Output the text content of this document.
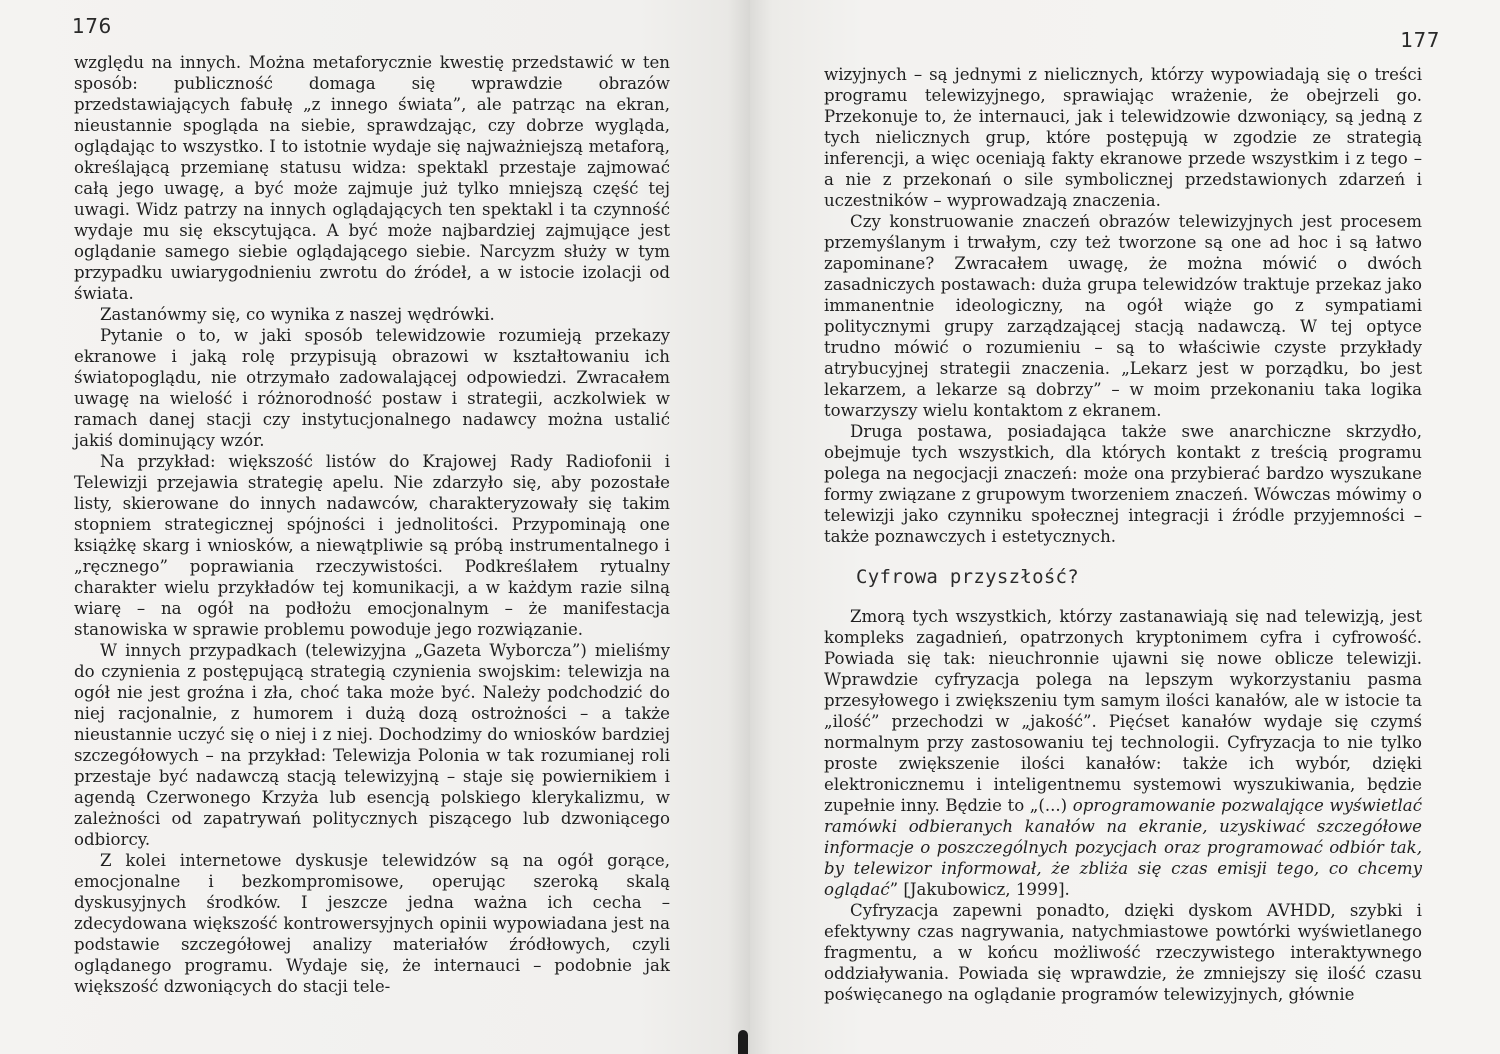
176

względu na innych. Można metaforycznie kwestię przedstawić w ten sposób: publiczność domaga się wprawdzie obrazów przedstawiających fabułę „z innego świata”, ale patrząc na ekran, nieustannie spogląda na siebie, sprawdzając, czy dobrze wygląda, oglądając to wszystko. I to istotnie wydaje się najważniejszą metaforą, określającą przemianę statusu widza: spektakl przestaje zajmować całą jego uwagę, a być może zajmuje już tylko mniejszą część tej uwagi. Widz patrzy na innych oglądających ten spektakl i ta czynność wydaje mu się ekscytująca. A być może najbardziej zajmujące jest oglądanie samego siebie oglądającego siebie. Narcyzm służy w tym przypadku uwiarygodnieniu zwrotu do źródeł, a w istocie izolacji od świata.

Zastanówmy się, co wynika z naszej wędrówki.

Pytanie o to, w jaki sposób telewidzowie rozumieją przekazy ekranowe i jaką rolę przypisują obrazowi w kształtowaniu ich światopoglądu, nie otrzymało zadowalającej odpowiedzi. Zwracałem uwagę na wielość i różnorodność postaw i strategii, aczkolwiek w ramach danej stacji czy instytucjonalnego nadawcy można ustalić jakiś dominujący wzór.

Na przykład: większość listów do Krajowej Rady Radiofonii i Telewizji przejawia strategię apelu. Nie zdarzyło się, aby pozostałe listy, skierowane do innych nadawców, charakteryzowały się takim stopniem strategicznej spójności i jednolitości. Przypominają one książkę skarg i wniosków, a niewątpliwie są próbą instrumentalnego i „ręcznego” poprawiania rzeczywistości. Podkreślałem rytualny charakter wielu przykładów tej komunikacji, a w każdym razie silną wiarę – na ogół na podłożu emocjonalnym – że manifestacja stanowiska w sprawie problemu powoduje jego rozwiązanie.

W innych przypadkach (telewizyjna „Gazeta Wyborcza”) mieliśmy do czynienia z postępującą strategią czynienia swojskim: telewizja na ogół nie jest groźna i zła, choć taka może być. Należy podchodzić do niej racjonalnie, z humorem i dużą dozą ostrożności – a także nieustannie uczyć się o niej i z niej. Dochodzimy do wniosków bardziej szczegółowych – na przykład: Telewizja Polonia w tak rozumianej roli przestaje być nadawczą stacją telewizyjną – staje się powiernikiem i agendą Czerwonego Krzyża lub esencją polskiego klerykalizmu, w zależności od zapatrywań politycznych piszącego lub dzwoniącego odbiorcy.

Z kolei internetowe dyskusje telewidzów są na ogół gorące, emocjonalne i bezkompromisowe, operując szeroką skalą dyskusyjnych środków. I jeszcze jedna ważna ich cecha – zdecydowana większość kontrowersyjnych opinii wypowiadana jest na podstawie szczegółowej analizy materiałów źródłowych, czyli oglądanego programu. Wydaje się, że internauci – podobnie jak większość dzwoniących do stacji tele-

177

wizyjnych – są jednymi z nielicznych, którzy wypowiadają się o treści programu telewizyjnego, sprawiając wrażenie, że obejrzeli go. Przekonuje to, że internauci, jak i telewidzowie dzwoniący, są jedną z tych nielicznych grup, które postępują w zgodzie ze strategią inferencji, a więc oceniają fakty ekranowe przede wszystkim i z tego – a nie z przekonań o sile symbolicznej przedstawionych zdarzeń i uczestników – wyprowadzają znaczenia.

Czy konstruowanie znaczeń obrazów telewizyjnych jest procesem przemyślanym i trwałym, czy też tworzone są one ad hoc i są łatwo zapominane? Zwracałem uwagę, że można mówić o dwóch zasadniczych postawach: duża grupa telewidzów traktuje przekaz jako immanentnie ideologiczny, na ogół wiąże go z sympatiami politycznymi grupy zarządzającej stacją nadawczą. W tej optyce trudno mówić o rozumieniu – są to właściwie czyste przykłady atrybucyjnej strategii znaczenia. „Lekarz jest w porządku, bo jest lekarzem, a lekarze są dobrzy” – w moim przekonaniu taka logika towarzyszy wielu kontaktom z ekranem.

Druga postawa, posiadająca także swe anarchiczne skrzydło, obejmuje tych wszystkich, dla których kontakt z treścią programu polega na negocjacji znaczeń: może ona przybierać bardzo wyszukane formy związane z grupowym tworzeniem znaczeń. Wówczas mówimy o telewizji jako czynniku społecznej integracji i źródle przyjemności – także poznawczych i estetycznych.

Cyfrowa przyszłość?

Zmorą tych wszystkich, którzy zastanawiają się nad telewizją, jest kompleks zagadnień, opatrzonych kryptonimem cyfra i cyfrowość. Powiada się tak: nieuchronnie ujawni się nowe oblicze telewizji. Wprawdzie cyfryzacja polega na lepszym wykorzystaniu pasma przesyłowego i zwiększeniu tym samym ilości kanałów, ale w istocie ta „ilość” przechodzi w „jakość”. Pięćset kanałów wydaje się czymś normalnym przy zastosowaniu tej technologii. Cyfryzacja to nie tylko proste zwiększenie ilości kanałów: także ich wybór, dzięki elektronicznemu i inteligentnemu systemowi wyszukiwania, będzie zupełnie inny. Będzie to „(...) oprogramowanie pozwalające wyświetlać ramówki odbieranych kanałów na ekranie, uzyskiwać szczegółowe informacje o poszczególnych pozycjach oraz programować odbiór tak, by telewizor informował, że zbliża się czas emisji tego, co chcemy oglądać” [Jakubowicz, 1999].

Cyfryzacja zapewni ponadto, dzięki dyskom AVHDD, szybki i efektywny czas nagrywania, natychmiastowe powtórki wyświetlanego fragmentu, a w końcu możliwość rzeczywistego interaktywnego oddziaływania. Powiada się wprawdzie, że zmniejszy się ilość czasu poświęcanego na oglądanie programów telewizyjnych, głównie
